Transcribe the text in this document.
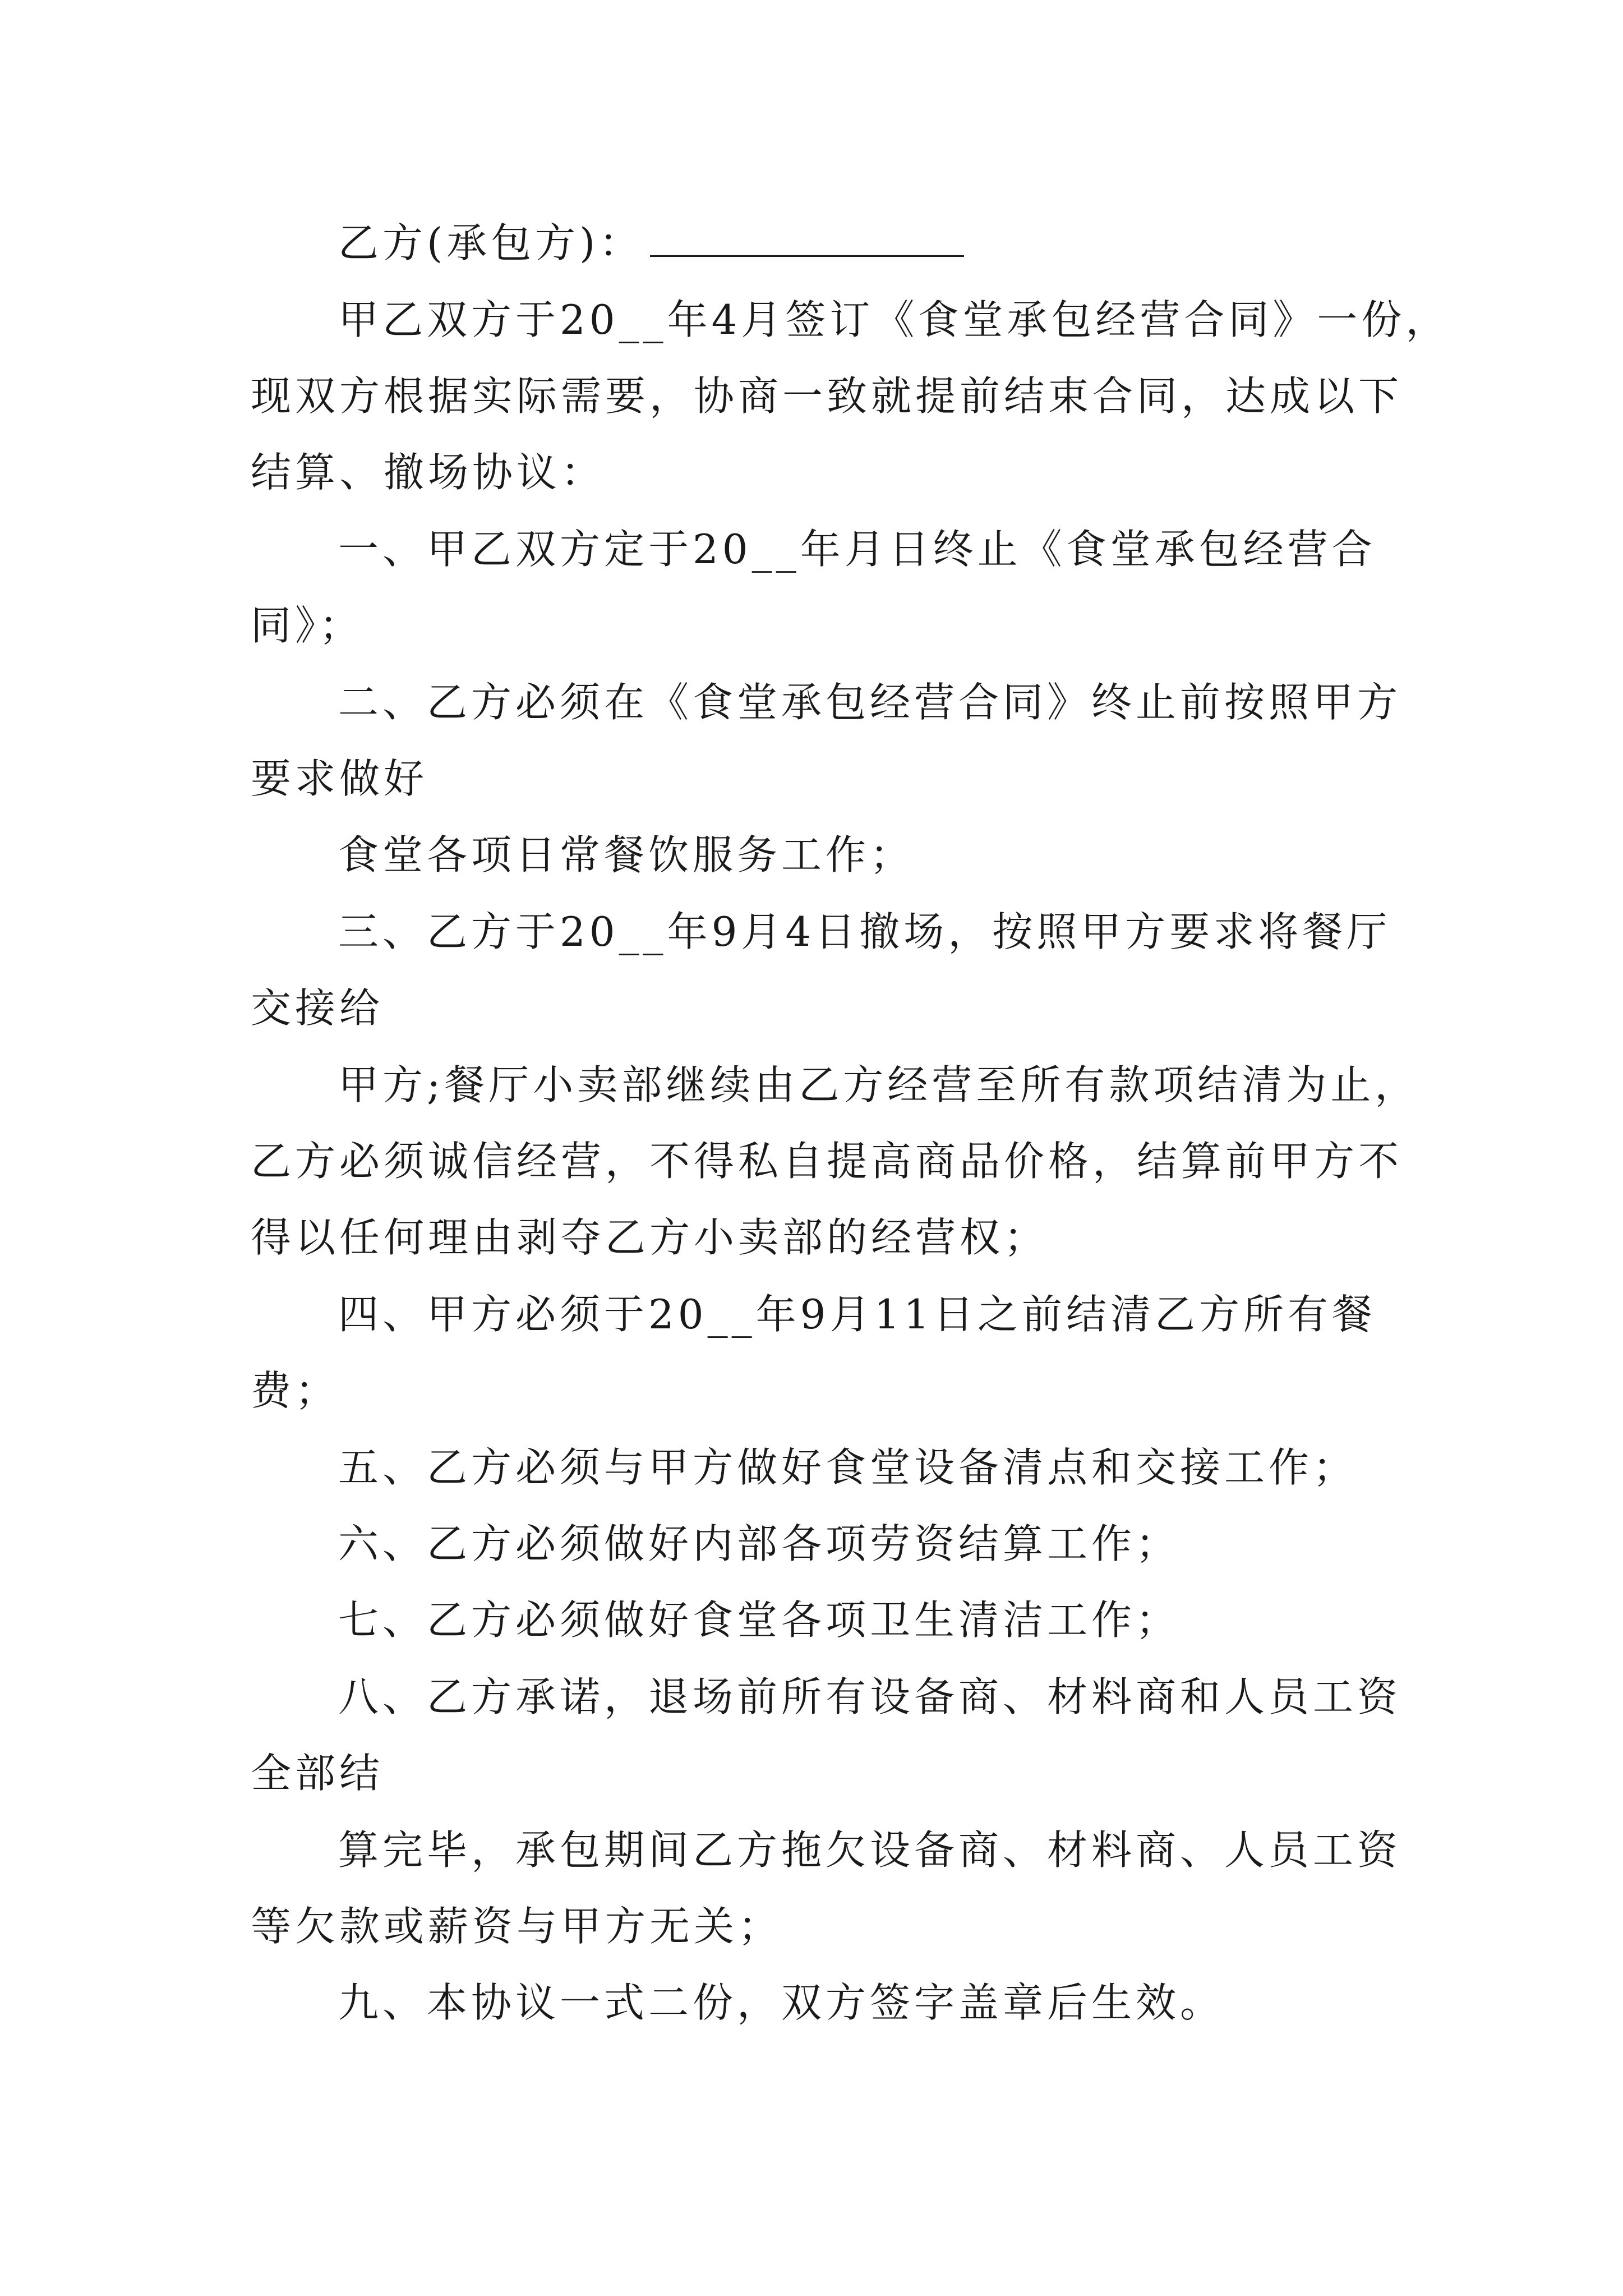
乙方(承包方)：
甲乙双方于20__年4月签订《食堂承包经营合同》一份，
现双方根据实际需要，协商一致就提前结束合同，达成以下
结算、撤场协议：
一、甲乙双方定于20__年月日终止《食堂承包经营合
同》；
二、乙方必须在《食堂承包经营合同》终止前按照甲方
要求做好
食堂各项日常餐饮服务工作；
三、乙方于20__年9月4日撤场，按照甲方要求将餐厅
交接给
甲方;餐厅小卖部继续由乙方经营至所有款项结清为止，
乙方必须诚信经营，不得私自提高商品价格，结算前甲方不
得以任何理由剥夺乙方小卖部的经营权；
四、甲方必须于20__年9月11日之前结清乙方所有餐
费；
五、乙方必须与甲方做好食堂设备清点和交接工作；
六、乙方必须做好内部各项劳资结算工作；
七、乙方必须做好食堂各项卫生清洁工作；
八、乙方承诺，退场前所有设备商、材料商和人员工资
全部结
算完毕，承包期间乙方拖欠设备商、材料商、人员工资
等欠款或薪资与甲方无关；
九、本协议一式二份，双方签字盖章后生效。
